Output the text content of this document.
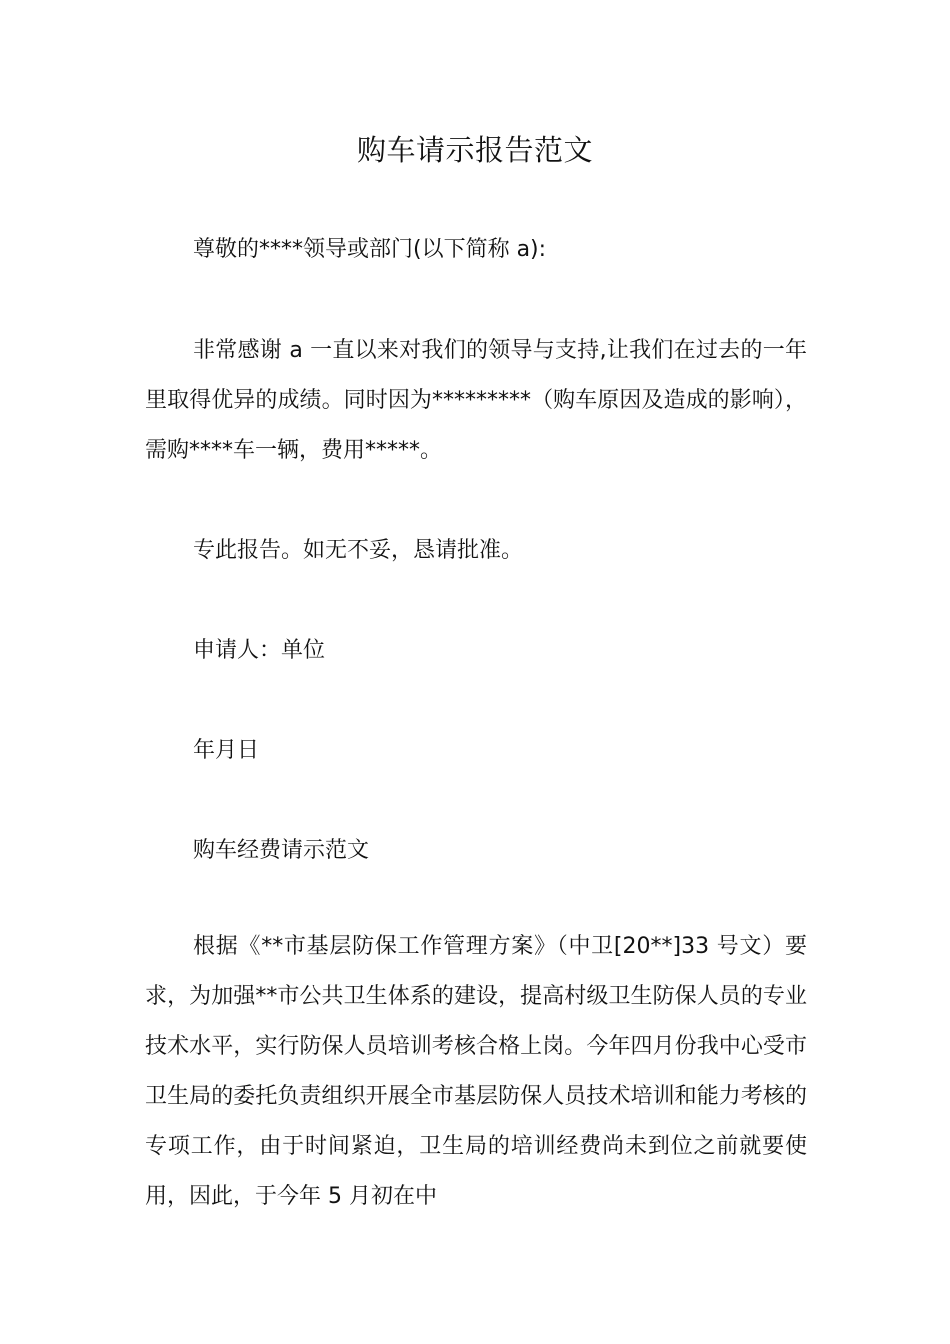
购车请示报告范文

尊敬的****领导或部门(以下简称 a):

非常感谢 a 一直以来对我们的领导与支持,让我们在过去的一年里取得优异的成绩。同时因为*********（购车原因及造成的影响），需购****车一辆，费用*****。

专此报告。如无不妥，恳请批准。

申请人：单位

年月日

购车经费请示范文

根据《**市基层防保工作管理方案》（中卫[20**]33 号文）要求，为加强**市公共卫生体系的建设，提高村级卫生防保人员的专业技术水平，实行防保人员培训考核合格上岗。今年四月份我中心受市卫生局的委托负责组织开展全市基层防保人员技术培训和能力考核的专项工作，由于时间紧迫，卫生局的培训经费尚未到位之前就要使用，因此，于今年 5 月初在中
